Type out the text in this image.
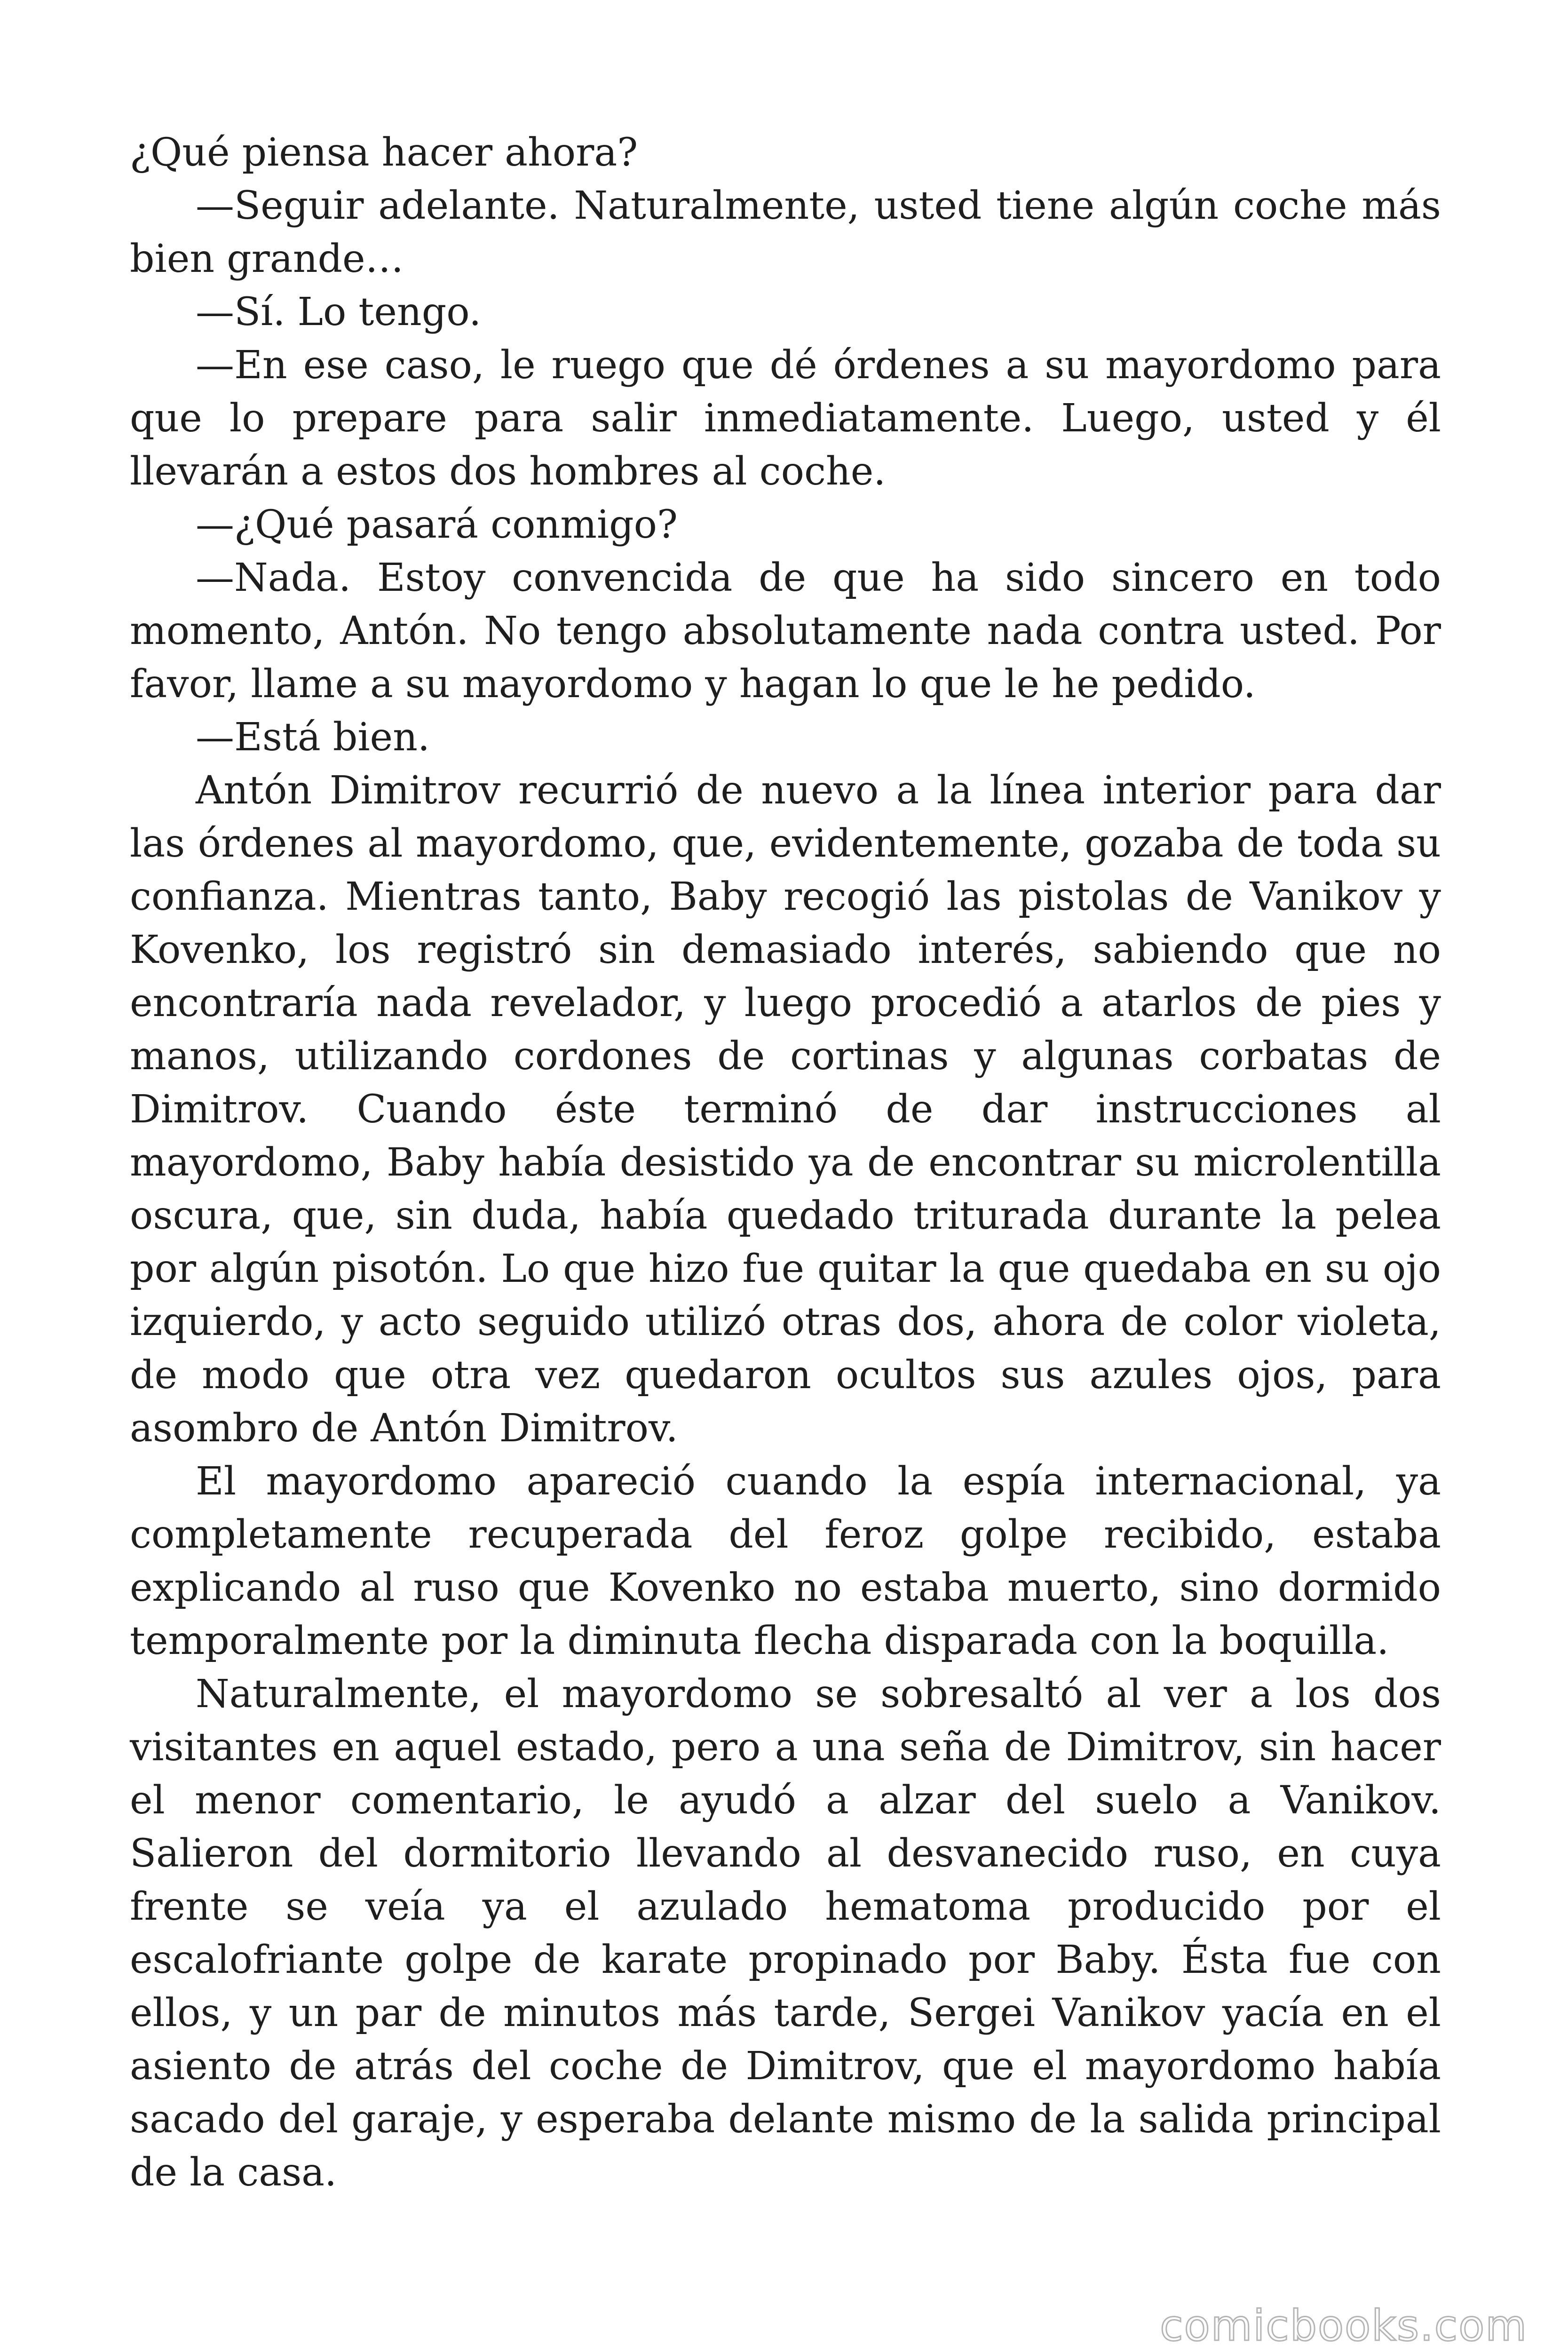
¿Qué piensa hacer ahora?

—Seguir adelante. Naturalmente, usted tiene algún coche más bien grande…

—Sí. Lo tengo.

—En ese caso, le ruego que dé órdenes a su mayordomo para que lo prepare para salir inmediatamente. Luego, usted y él llevarán a estos dos hombres al coche.

—¿Qué pasará conmigo?

—Nada. Estoy convencida de que ha sido sincero en todo momento, Antón. No tengo absolutamente nada contra usted. Por favor, llame a su mayordomo y hagan lo que le he pedido.

—Está bien.

Antón Dimitrov recurrió de nuevo a la línea interior para dar las órdenes al mayordomo, que, evidentemente, gozaba de toda su confianza. Mientras tanto, Baby recogió las pistolas de Vanikov y Kovenko, los registró sin demasiado interés, sabiendo que no encontraría nada revelador, y luego procedió a atarlos de pies y manos, utilizando cordones de cortinas y algunas corbatas de Dimitrov. Cuando éste terminó de dar instrucciones al mayordomo, Baby había desistido ya de encontrar su microlentilla oscura, que, sin duda, había quedado triturada durante la pelea por algún pisotón. Lo que hizo fue quitar la que quedaba en su ojo izquierdo, y acto seguido utilizó otras dos, ahora de color violeta, de modo que otra vez quedaron ocultos sus azules ojos, para asombro de Antón Dimitrov.

El mayordomo apareció cuando la espía internacional, ya completamente recuperada del feroz golpe recibido, estaba explicando al ruso que Kovenko no estaba muerto, sino dormido temporalmente por la diminuta flecha disparada con la boquilla.

Naturalmente, el mayordomo se sobresaltó al ver a los dos visitantes en aquel estado, pero a una seña de Dimitrov, sin hacer el menor comentario, le ayudó a alzar del suelo a Vanikov. Salieron del dormitorio llevando al desvanecido ruso, en cuya frente se veía ya el azulado hematoma producido por el escalofriante golpe de karate propinado por Baby. Ésta fue con ellos, y un par de minutos más tarde, Sergei Vanikov yacía en el asiento de atrás del coche de Dimitrov, que el mayordomo había sacado del garaje, y esperaba delante mismo de la salida principal de la casa.

comicbooks.com
